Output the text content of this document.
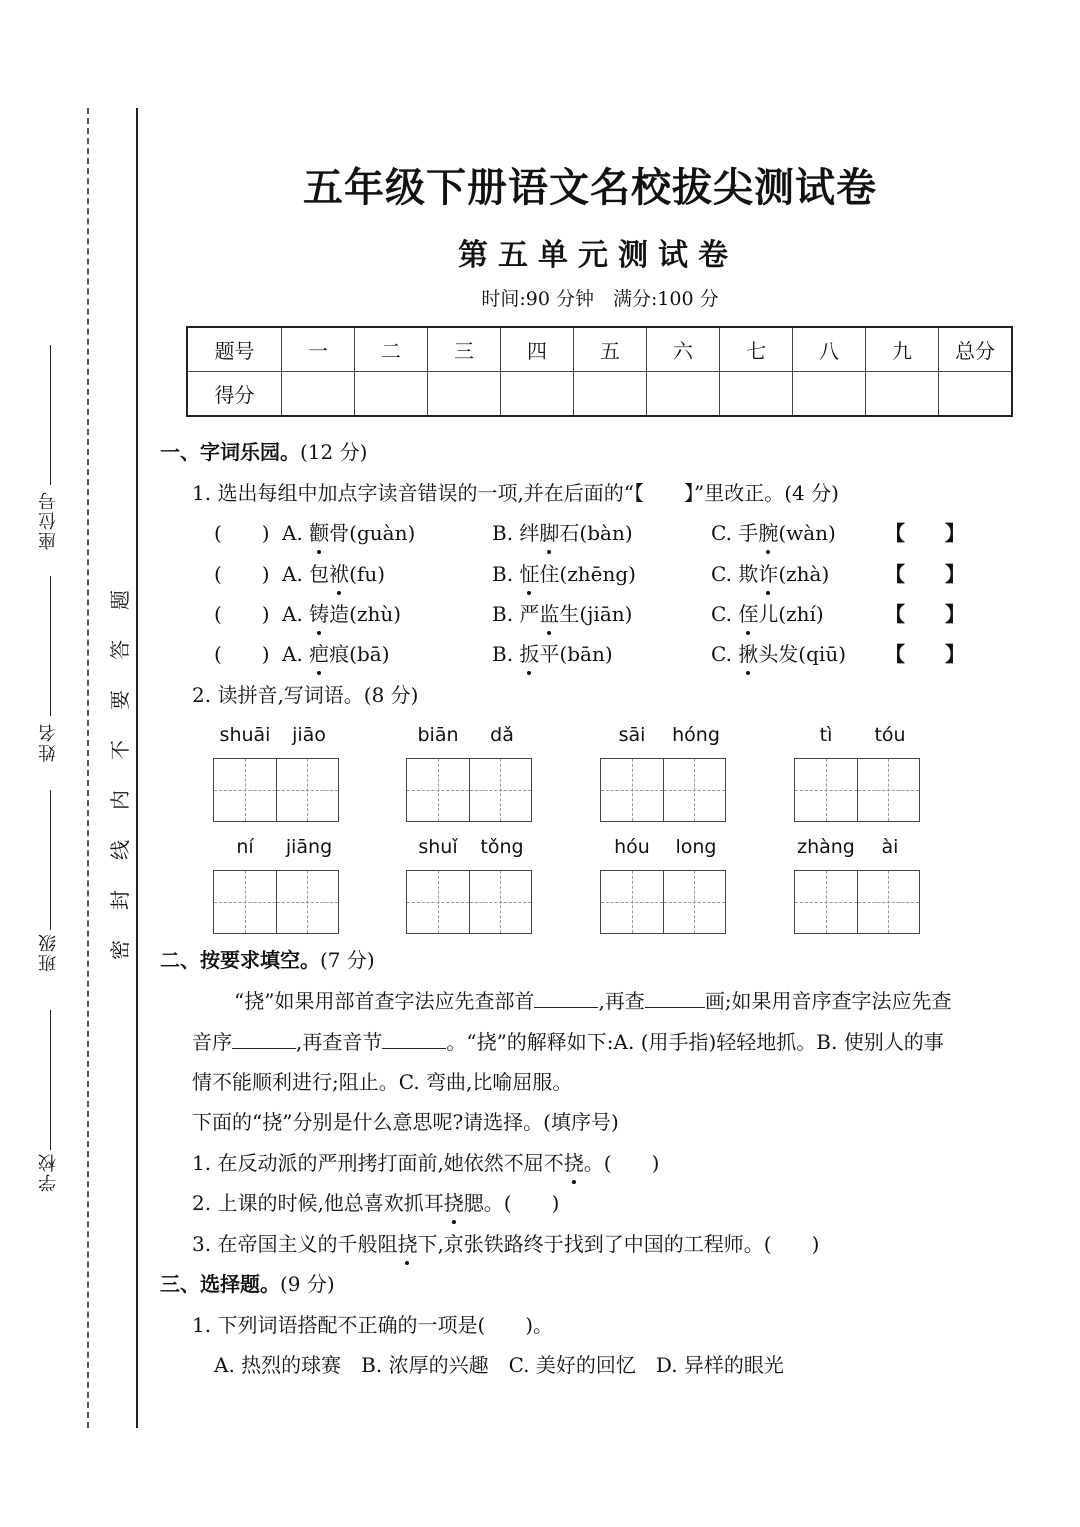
座位号
姓名
班级
学校
题
答
要
不
内
线
封
密
五年级下册语文名校拔尖测试卷
第五单元测试卷
时间:90 分钟　满分:100 分
题号	一	二	三	四	五	六	七	八	九	总分
得分										
一、字词乐园。(12 分)
1. 选出每组中加点字读音错误的一项,并在后面的“【　　】”里改正。(4 分)
(　　) A. 颧骨(guàn)	B. 绊脚石(bàn)	C. 手腕(wàn) 【 】
(　　) A. 包袱(fu)	B. 怔住(zhēng)	C. 欺诈(zhà)	【 】
(　　) A. 铸造(zhù)	B. 严监生(jiān)	C. 侄儿(zhí)	【 】
(　　) A. 疤痕(bā)	B. 扳平(bān)	C. 揪头发(qiū) 【 】
2. 读拼音,写词语。(8 分)
shuāi	jiāo	biān	dǎ	sāi	hóng	tì	tóu
ní	jiāng	shuǐ	tǒng	hóu	long	zhàng	ài
二、按要求填空。(7 分)
“挠”如果用部首查字法应先查部首	,再查	画;如果用音序查字法应先查
音序	,再查音节	。“挠”的解释如下:A. (用手指)轻轻地抓。B. 使别人的事
情不能顺利进行;阻止。C. 弯曲,比喻屈服。
下面的“挠”分别是什么意思呢?请选择。(填序号)
1. 在反动派的严刑拷打面前,她依然不屈不挠。(　　)
2. 上课的时候,他总喜欢抓耳挠腮。(　　)
3. 在帝国主义的千般阻挠下,京张铁路终于找到了中国的工程师。(　　)
三、选择题。(9 分)
1. 下列词语搭配不正确的一项是(　　)。
A. 热烈的球赛　B. 浓厚的兴趣　C. 美好的回忆　D. 异样的眼光
